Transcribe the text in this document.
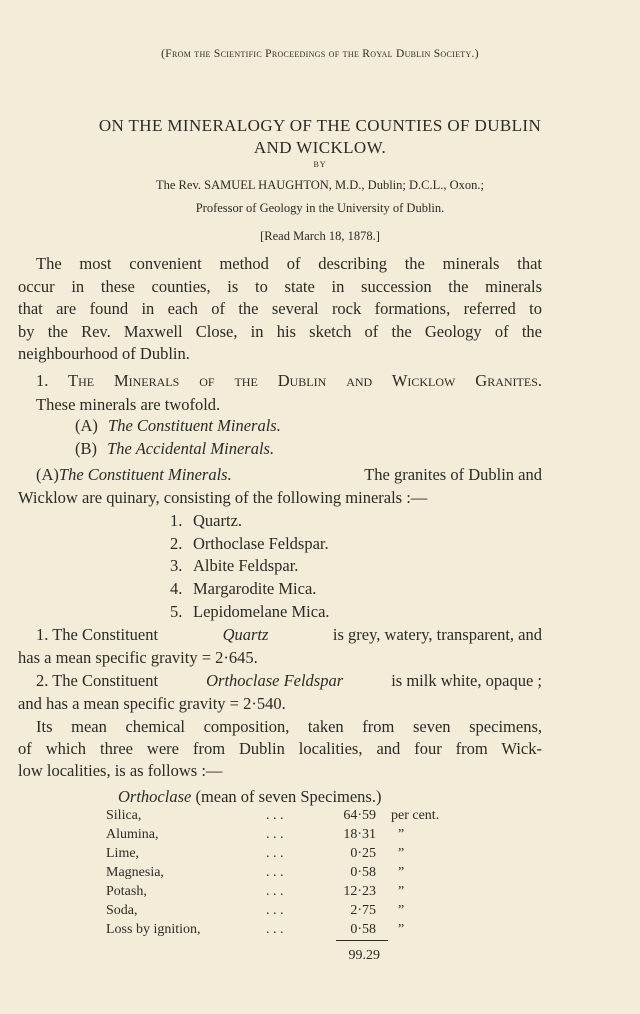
(From the Scientific Proceedings of the Royal Dublin Society.)
ON THE MINERALOGY OF THE COUNTIES OF DUBLIN
AND WICKLOW.
BY
The Rev. SAMUEL HAUGHTON, M.D., Dublin; D.C.L., Oxon.;
Professor of Geology in the University of Dublin.
[Read March 18, 1878.]
The most convenient method of describing the minerals that
occur in these counties, is to state in succession the minerals
that are found in each of the several rock formations, referred to
by the Rev. Maxwell Close, in his sketch of the Geology of the
neighbourhood of Dublin.
1. The Minerals of the Dublin and Wicklow Granites.
These minerals are twofold.
(A) The Constituent Minerals.
(B) The Accidental Minerals.
(A) The Constituent Minerals.	The granites of Dublin and
Wicklow are quinary, consisting of the following minerals :—
1. Quartz.
2. Orthoclase Feldspar.
3. Albite Feldspar.
4. Margarodite Mica.
5. Lepidomelane Mica.
1. The Constituent	Quartz	is grey, watery, transparent, and
has a mean specific gravity = 2·645.
2. The Constituent	Orthoclase Feldspar	is milk white, opaque ;
and has a mean specific gravity = 2·540.
Its mean chemical composition, taken from seven specimens,
of which three were from Dublin localities, and four from Wick-
low localities, is as follows :—
Orthoclase (mean of seven Specimens.)
Silica,	. . .	64·59 per cent.
Alumina,	. . .	18·31 ”
Lime,	. . .	0·25 ”
Magnesia,	. . .	0·58 ”
Potash,	. . .	12·23 ”
Soda,	. . .	2·75 ”
Loss by ignition,	. . .	0·58 ”
99.29
